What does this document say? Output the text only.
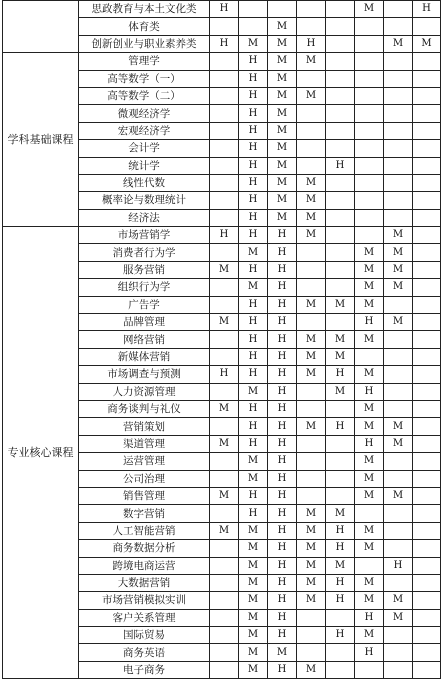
	思政教育与本土文化类	H					M		H
	体育类			M					
	创新创业与职业素养类	H	M	M	H			M	M
学科基础课程	管理学		H	M	M				
	高等数学（一）		H	M					
	高等数学（二）		H	M	M				
	微观经济学		H	M					
	宏观经济学		H	M					
	会计学		H	M					
	统计学		H	M		H			
	线性代数		H	M	M				
	概率论与数理统计		H	M	M				
	经济法		H	M	M				
专业核心课程	市场营销学	H	H	H	M			M	
	消费者行为学		M	H			M	M	
	服务营销	M	H	H			M	M	
	组织行为学		M	H			M	M	
	广告学		H	H	M	M	M		
	品牌管理	M	H	H			H	M	
	网络营销		H	H	M	M	M		
	新媒体营销		H	H	M	M			
	市场调查与预测	H	H	H	M	H	M		
	人力资源管理		M	H		M	H		
	商务谈判与礼仪	M	H	H			M		
	营销策划		H	H	M	H	M	M	
	渠道管理	M	H	H			H	M	
	运营管理		M	H			M		
	公司治理		M	H			M		
	销售管理	M	H	H			M	M	
	数字营销		H	H	M	M			
	人工智能营销	M	M	H	M	H	M		
	商务数据分析		M	H	M	H	M		
	跨境电商运营		M	H	M	M		H	
	大数据营销		M	H	M	H	M		
	市场营销模拟实训		M	H	M	H	M	M	
	客户关系管理		M	H			H	M	
	国际贸易		M	H		H	M		
	商务英语		M	M			H		
	电子商务		M	H	M				
